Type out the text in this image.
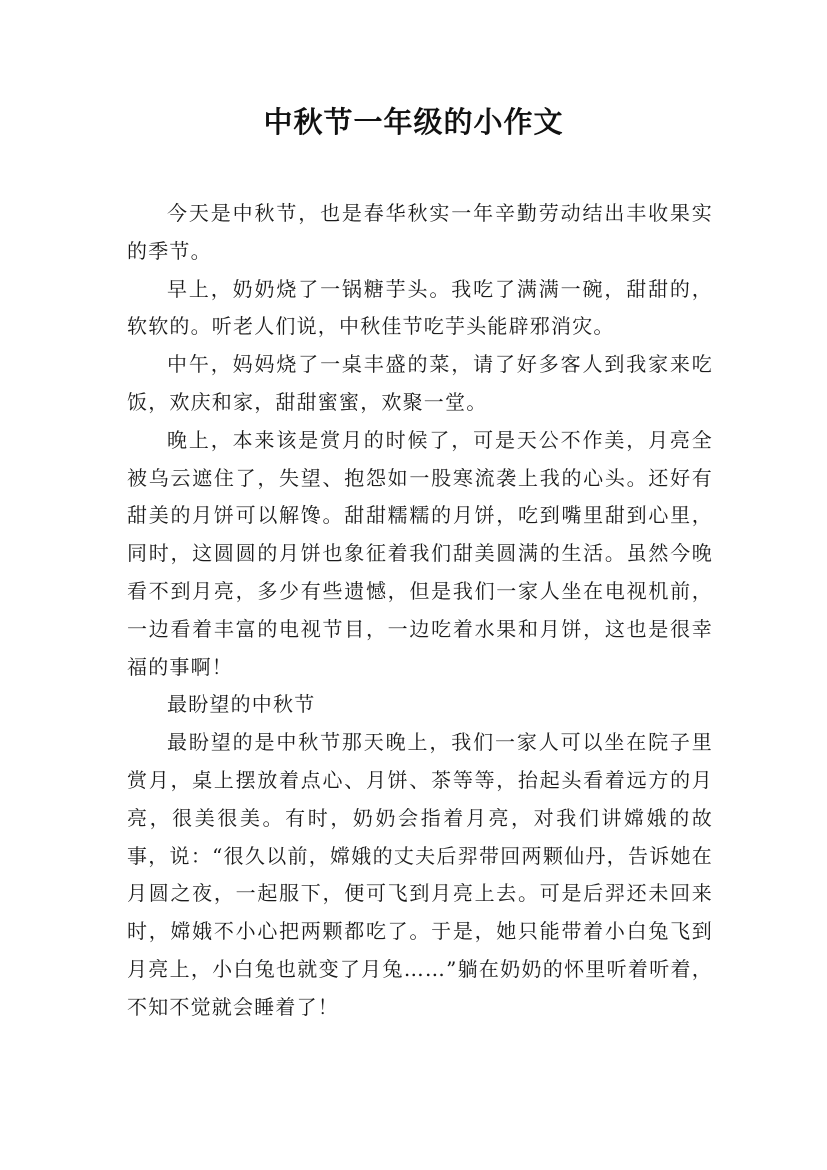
中秋节一年级的小作文

今天是中秋节，也是春华秋实一年辛勤劳动结出丰收果实的季节。

早上，奶奶烧了一锅糖芋头。我吃了满满一碗，甜甜的，软软的。听老人们说，中秋佳节吃芋头能辟邪消灾。

中午，妈妈烧了一桌丰盛的菜，请了好多客人到我家来吃饭，欢庆和家，甜甜蜜蜜，欢聚一堂。

晚上，本来该是赏月的时候了，可是天公不作美，月亮全被乌云遮住了，失望、抱怨如一股寒流袭上我的心头。还好有甜美的月饼可以解馋。甜甜糯糯的月饼，吃到嘴里甜到心里，同时，这圆圆的月饼也象征着我们甜美圆满的生活。虽然今晚看不到月亮，多少有些遗憾，但是我们一家人坐在电视机前，一边看着丰富的电视节目，一边吃着水果和月饼，这也是很幸福的事啊！

最盼望的中秋节

最盼望的是中秋节那天晚上，我们一家人可以坐在院子里赏月，桌上摆放着点心、月饼、茶等等，抬起头看着远方的月亮，很美很美。有时，奶奶会指着月亮，对我们讲嫦娥的故事，说：“很久以前，嫦娥的丈夫后羿带回两颗仙丹，告诉她在月圆之夜，一起服下，便可飞到月亮上去。可是后羿还未回来时，嫦娥不小心把两颗都吃了。于是，她只能带着小白兔飞到月亮上，小白兔也就变了月兔……”躺在奶奶的怀里听着听着，不知不觉就会睡着了！
